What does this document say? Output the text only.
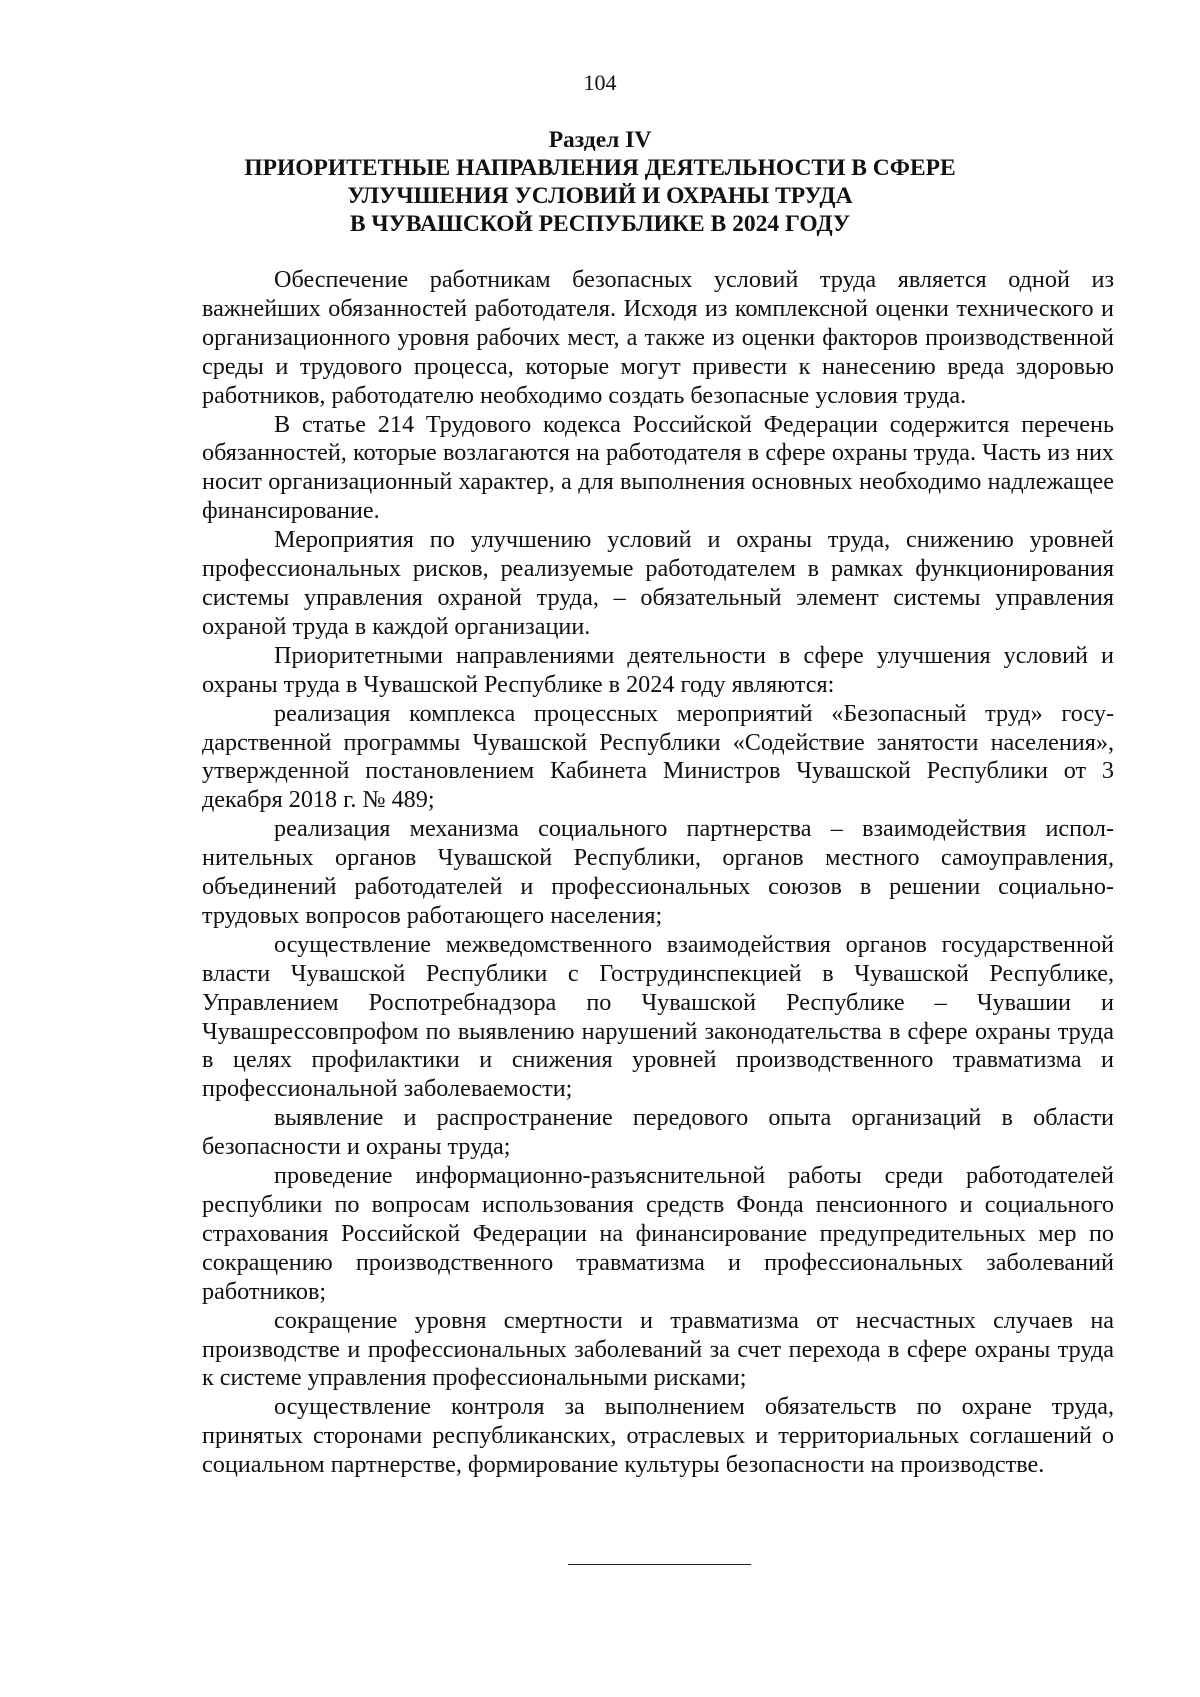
104
Раздел IV
ПРИОРИТЕТНЫЕ НАПРАВЛЕНИЯ ДЕЯТЕЛЬНОСТИ В СФЕРЕ
УЛУЧШЕНИЯ УСЛОВИЙ И ОХРАНЫ ТРУДА
В ЧУВАШСКОЙ РЕСПУБЛИКЕ В 2024 ГОДУ

Обеспечение работникам безопасных условий труда является одной из важнейших обязанностей работодателя. Исходя из комплексной оценки технического и организационного уровня рабочих мест, а также из оценки факторов производственной среды и трудового процесса, которые могут привести к нанесению вреда здоровью работников, работодателю необходимо создать безопасные условия труда.

В статье 214 Трудового кодекса Российской Федерации содержится перечень обязанностей, которые возлагаются на работодателя в сфере охраны труда. Часть из них носит организационный характер, а для выполнения основных необходимо надлежащее финансирование.

Мероприятия по улучшению условий и охраны труда, снижению уровней профессиональных рисков, реализуемые работодателем в рамках функционирования системы управления охраной труда, – обязательный элемент системы управления охраной труда в каждой организации.

Приоритетными направлениями деятельности в сфере улучшения условий и охраны труда в Чувашской Республике в 2024 году являются:

реализация комплекса процессных мероприятий «Безопасный труд» государственной программы Чувашской Республики «Содействие занятости населения», утвержденной постановлением Кабинета Министров Чувашской Республики от 3 декабря 2018 г. № 489;

реализация механизма социального партнерства – взаимодействия исполнительных органов Чувашской Республики, органов местного самоуправления, объединений работодателей и профессиональных союзов в решении социально-трудовых вопросов работающего населения;

осуществление межведомственного взаимодействия органов государственной власти Чувашской Республики с Гострудинспекцией в Чувашской Республике, Управлением Роспотребнадзора по Чувашской Республике – Чувашии и Чувашрессовпрофом по выявлению нарушений законодательства в сфере охраны труда в целях профилактики и снижения уровней производственного травматизма и профессиональной заболеваемости;

выявление и распространение передового опыта организаций в области безопасности и охраны труда;

проведение информационно-разъяснительной работы среди работодателей республики по вопросам использования средств Фонда пенсионного и социального страхования Российской Федерации на финансирование предупредительных мер по сокращению производственного травматизма и профессиональных заболеваний работников;

сокращение уровня смертности и травматизма от несчастных случаев на производстве и профессиональных заболеваний за счет перехода в сфере охраны труда к системе управления профессиональными рисками;

осуществление контроля за выполнением обязательств по охране труда, принятых сторонами республиканских, отраслевых и территориальных соглашений о социальном партнерстве, формирование культуры безопасности на производстве.
